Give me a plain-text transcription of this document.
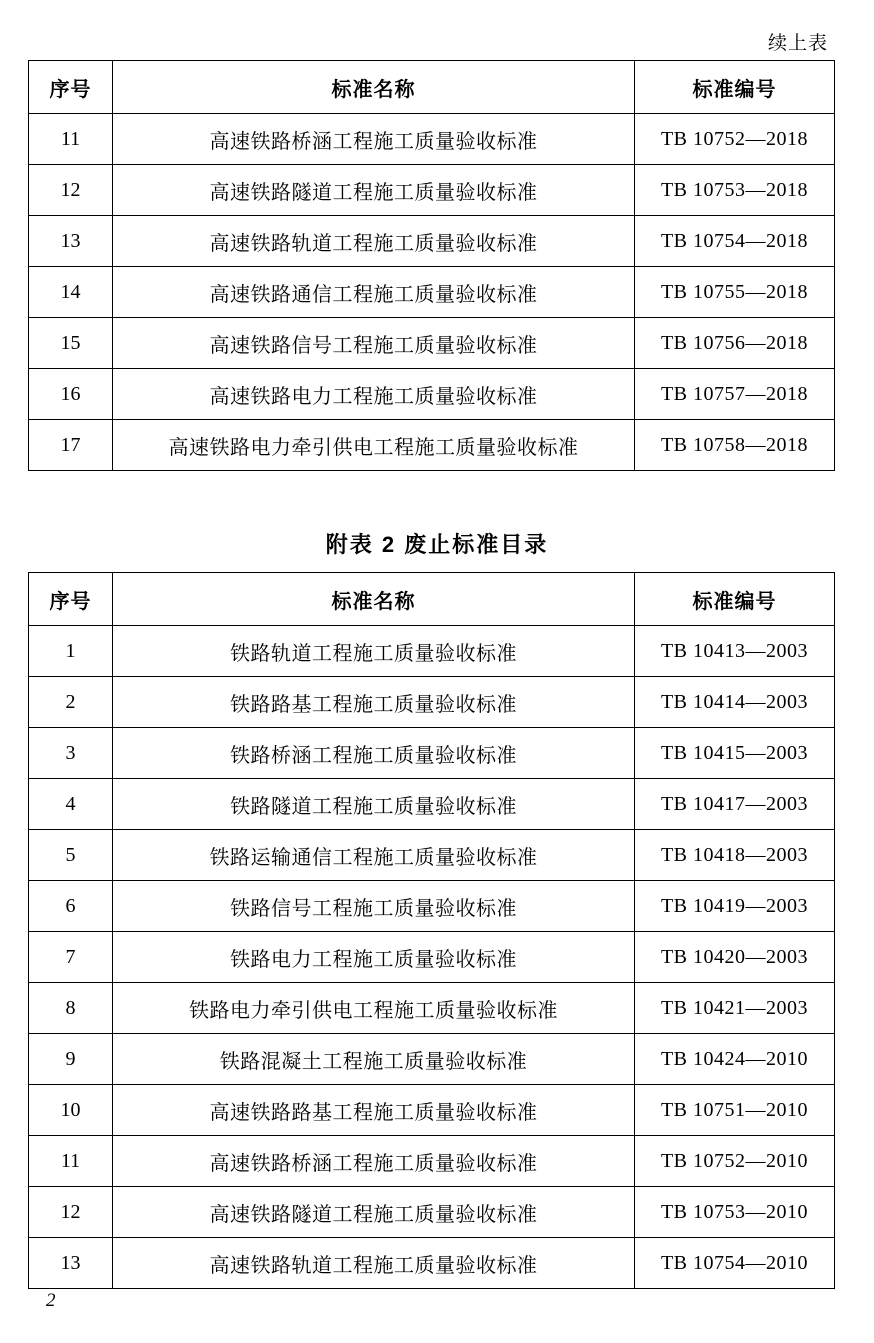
续上表
序号	标准名称	标准编号
11	高速铁路桥涵工程施工质量验收标准	TB 10752—2018
12	高速铁路隧道工程施工质量验收标准	TB 10753—2018
13	高速铁路轨道工程施工质量验收标准	TB 10754—2018
14	高速铁路通信工程施工质量验收标准	TB 10755—2018
15	高速铁路信号工程施工质量验收标准	TB 10756—2018
16	高速铁路电力工程施工质量验收标准	TB 10757—2018
17	高速铁路电力牵引供电工程施工质量验收标准	TB 10758—2018
附表 2 废止标准目录
序号	标准名称	标准编号
1	铁路轨道工程施工质量验收标准	TB 10413—2003
2	铁路路基工程施工质量验收标准	TB 10414—2003
3	铁路桥涵工程施工质量验收标准	TB 10415—2003
4	铁路隧道工程施工质量验收标准	TB 10417—2003
5	铁路运输通信工程施工质量验收标准	TB 10418—2003
6	铁路信号工程施工质量验收标准	TB 10419—2003
7	铁路电力工程施工质量验收标准	TB 10420—2003
8	铁路电力牵引供电工程施工质量验收标准	TB 10421—2003
9	铁路混凝土工程施工质量验收标准	TB 10424—2010
10	高速铁路路基工程施工质量验收标准	TB 10751—2010
11	高速铁路桥涵工程施工质量验收标准	TB 10752—2010
12	高速铁路隧道工程施工质量验收标准	TB 10753—2010
13	高速铁路轨道工程施工质量验收标准	TB 10754—2010
2
